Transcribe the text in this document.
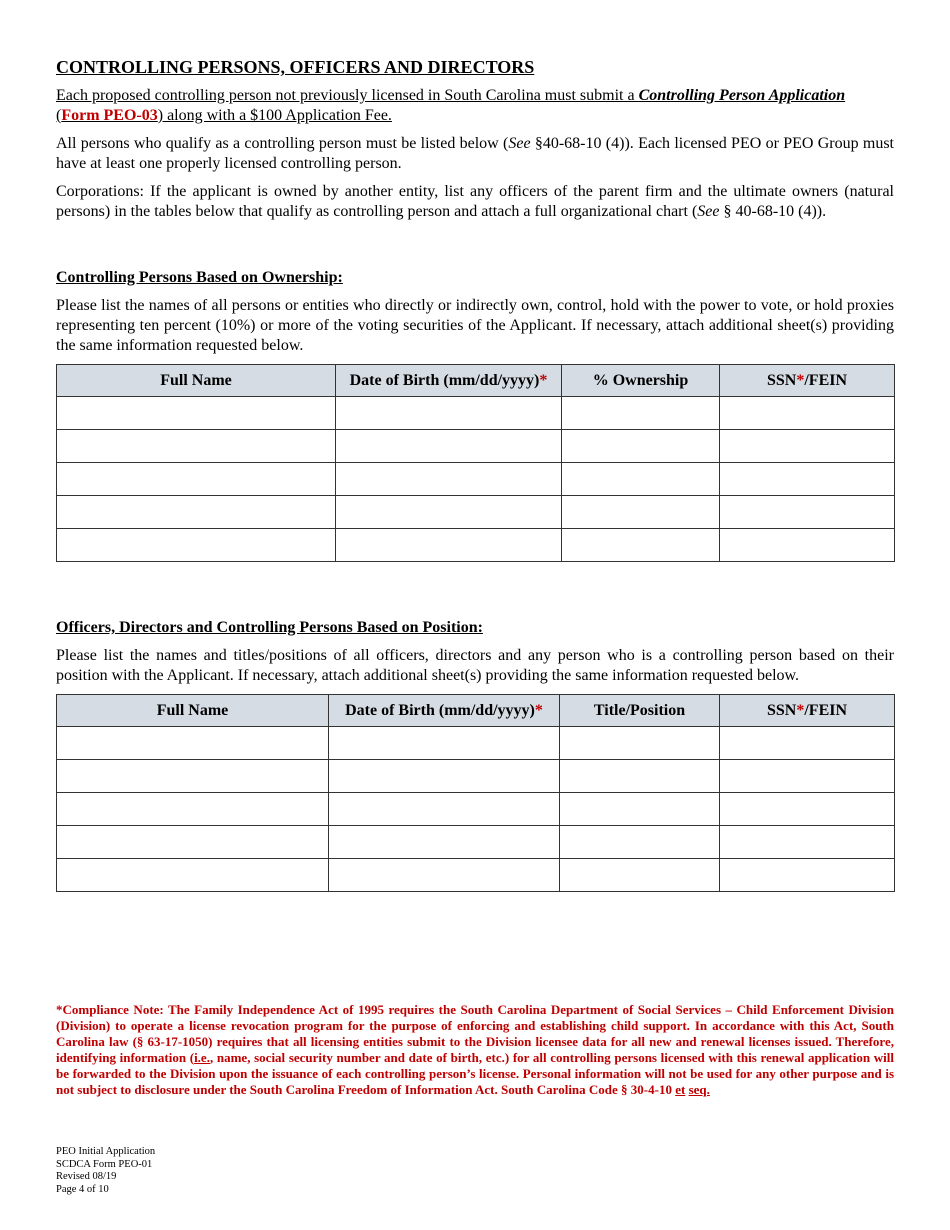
CONTROLLING PERSONS, OFFICERS AND DIRECTORS

Each proposed controlling person not previously licensed in South Carolina must submit a Controlling Person Application
(Form PEO-03) along with a $100 Application Fee.

All persons who qualify as a controlling person must be listed below (See §40-68-10 (4)). Each licensed PEO or PEO Group must have at least one properly licensed controlling person.

Corporations: If the applicant is owned by another entity, list any officers of the parent firm and the ultimate owners (natural persons) in the tables below that qualify as controlling person and attach a full organizational chart (See § 40-68-10 (4)).

Controlling Persons Based on Ownership:

Please list the names of all persons or entities who directly or indirectly own, control, hold with the power to vote, or hold proxies representing ten percent (10%) or more of the voting securities of the Applicant. If necessary, attach additional sheet(s) providing the same information requested below.

Full Name	Date of Birth (mm/dd/yyyy)*	% Ownership	SSN*/FEIN

Officers, Directors and Controlling Persons Based on Position:

Please list the names and titles/positions of all officers, directors and any person who is a controlling person based on their position with the Applicant. If necessary, attach additional sheet(s) providing the same information requested below.

Full Name	Date of Birth (mm/dd/yyyy)*	Title/Position	SSN*/FEIN

*Compliance Note: The Family Independence Act of 1995 requires the South Carolina Department of Social Services – Child Enforcement Division (Division) to operate a license revocation program for the purpose of enforcing and establishing child support. In accordance with this Act, South Carolina law (§ 63-17-1050) requires that all licensing entities submit to the Division licensee data for all new and renewal licenses issued. Therefore, identifying information (i.e., name, social security number and date of birth, etc.) for all controlling persons licensed with this renewal application will be forwarded to the Division upon the issuance of each controlling person’s license. Personal information will not be used for any other purpose and is not subject to disclosure under the South Carolina Freedom of Information Act. South Carolina Code § 30-4-10 et seq.
PEO Initial Application
SCDCA Form PEO-01
Revised 08/19
Page 4 of 10
